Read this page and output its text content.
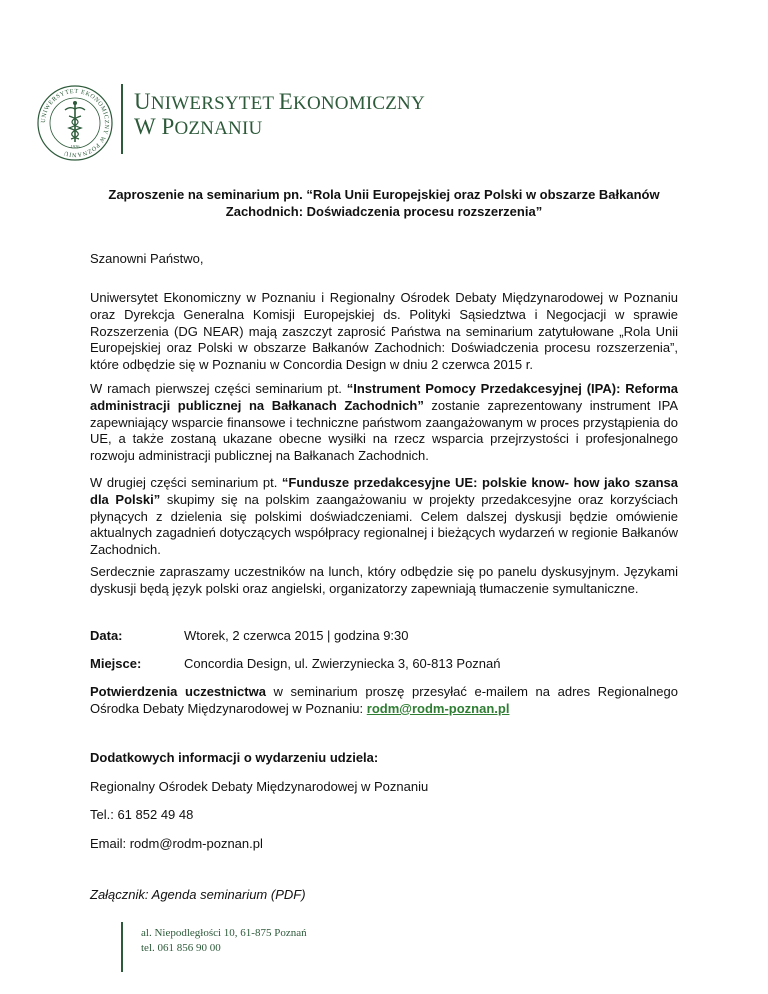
UNIWERSYTET EKONOMICZNY W POZNANIU
1926
UNIWERSYTET EKONOMICZNY
W POZNANIU
Zaproszenie na seminarium pn. “Rola Unii Europejskiej oraz Polski w obszarze Bałkanów
Zachodnich: Doświadczenia procesu rozszerzenia”
Szanowni Państwo,
Uniwersytet Ekonomiczny w Poznaniu i Regionalny Ośrodek Debaty Międzynarodowej w Poznaniu oraz Dyrekcja Generalna Komisji Europejskiej ds. Polityki Sąsiedztwa i Negocjacji w sprawie Rozszerzenia (DG NEAR) mają zaszczyt zaprosić Państwa na seminarium zatytułowane „Rola Unii Europejskiej oraz Polski w obszarze Bałkanów Zachodnich: Doświadczenia procesu rozszerzenia”, które odbędzie się w Poznaniu w Concordia Design w dniu 2 czerwca 2015 r.
W ramach pierwszej części seminarium pt. “Instrument Pomocy Przedakcesyjnej (IPA): Reforma administracji publicznej na Bałkanach Zachodnich” zostanie zaprezentowany instrument IPA zapewniający wsparcie finansowe i techniczne państwom zaangażowanym w proces przystąpienia do UE, a także zostaną ukazane obecne wysiłki na rzecz wsparcia przejrzystości i profesjonalnego rozwoju administracji publicznej na Bałkanach Zachodnich.
W drugiej części seminarium pt. “Fundusze przedakcesyjne UE: polskie know- how jako szansa dla Polski” skupimy się na polskim zaangażowaniu w projekty przedakcesyjne oraz korzyściach płynących z dzielenia się polskimi doświadczeniami. Celem dalszej dyskusji będzie omówienie aktualnych zagadnień dotyczących współpracy regionalnej i bieżących wydarzeń w regionie Bałkanów Zachodnich.
Serdecznie zapraszamy uczestników na lunch, który odbędzie się po panelu dyskusyjnym. Językami dyskusji będą język polski oraz angielski, organizatorzy zapewniają tłumaczenie symultaniczne.
Data:	Wtorek, 2 czerwca 2015 | godzina 9:30
Miejsce:	Concordia Design, ul. Zwierzyniecka 3, 60-813 Poznań
Potwierdzenia uczestnictwa w seminarium proszę przesyłać e-mailem na adres Regionalnego Ośrodka Debaty Międzynarodowej w Poznaniu: rodm@rodm-poznan.pl
Dodatkowych informacji o wydarzeniu udziela:
Regionalny Ośrodek Debaty Międzynarodowej w Poznaniu
Tel.: 61 852 49 48
Email: rodm@rodm-poznan.pl
Załącznik: Agenda seminarium (PDF)
al. Niepodległości 10, 61-875 Poznań
tel. 061 856 90 00
